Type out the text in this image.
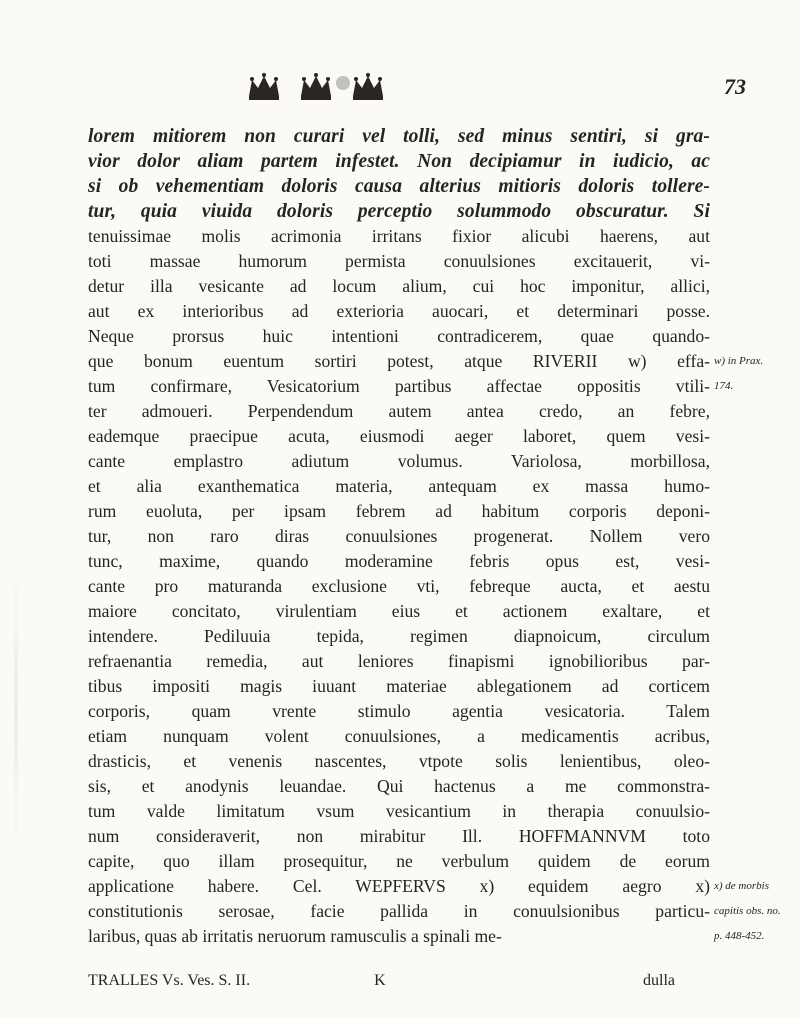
73
lorem mitiorem non curari vel tolli, sed minus sentiri, si gra-
vior dolor aliam partem infestet. Non decipiamur in iudicio, ac
si ob vehementiam doloris causa alterius mitioris doloris tollere-
tur, quia viuida doloris perceptio solummodo obscuratur. Si
tenuissimae molis acrimonia irritans fixior alicubi haerens, aut
toti massae humorum permista conuulsiones excitauerit, vi-
detur illa vesicante ad locum alium, cui hoc imponitur, allici,
aut ex interioribus ad exterioria auocari, et determinari posse.
Neque prorsus huic intentioni contradicerem, quae quando-
que bonum euentum sortiri potest, atque RIVERII w) effa-
tum confirmare, Vesicatorium partibus affectae oppositis vtili-
ter admoueri. Perpendendum autem antea credo, an febre,
eademque praecipue acuta, eiusmodi aeger laboret, quem vesi-
cante emplastro adiutum volumus. Variolosa, morbillosa,
et alia exanthematica materia, antequam ex massa humo-
rum euoluta, per ipsam febrem ad habitum corporis deponi-
tur, non raro diras conuulsiones progenerat. Nollem vero
tunc, maxime, quando moderamine febris opus est, vesi-
cante pro maturanda exclusione vti, febreque aucta, et aestu
maiore concitato, virulentiam eius et actionem exaltare, et
intendere. Pediluuia tepida, regimen diapnoicum, circulum
refraenantia remedia, aut leniores finapismi ignobilioribus par-
tibus impositi magis iuuant materiae ablegationem ad corticem
corporis, quam vrente stimulo agentia vesicatoria. Talem
etiam nunquam volent conuulsiones, a medicamentis acribus,
drasticis, et venenis nascentes, vtpote solis lenientibus, oleo-
sis, et anodynis leuandae. Qui hactenus a me commonstra-
tum valde limitatum vsum vesicantium in therapia conuulsio-
num consideraverit, non mirabitur Ill. HOFFMANNVM toto
capite, quo illam prosequitur, ne verbulum quidem de eorum
applicatione habere. Cel. WEPFERVS x) equidem aegro x)
constitutionis serosae, facie pallida in conuulsionibus particu-
laribus, quas ab irritatis neruorum ramusculis a spinali me-
w) in Prax.
174.
x) de morbis
capitis obs. no.
p. 448-452.
TRALLES Vs. Ves. S. II.	K	dulla
